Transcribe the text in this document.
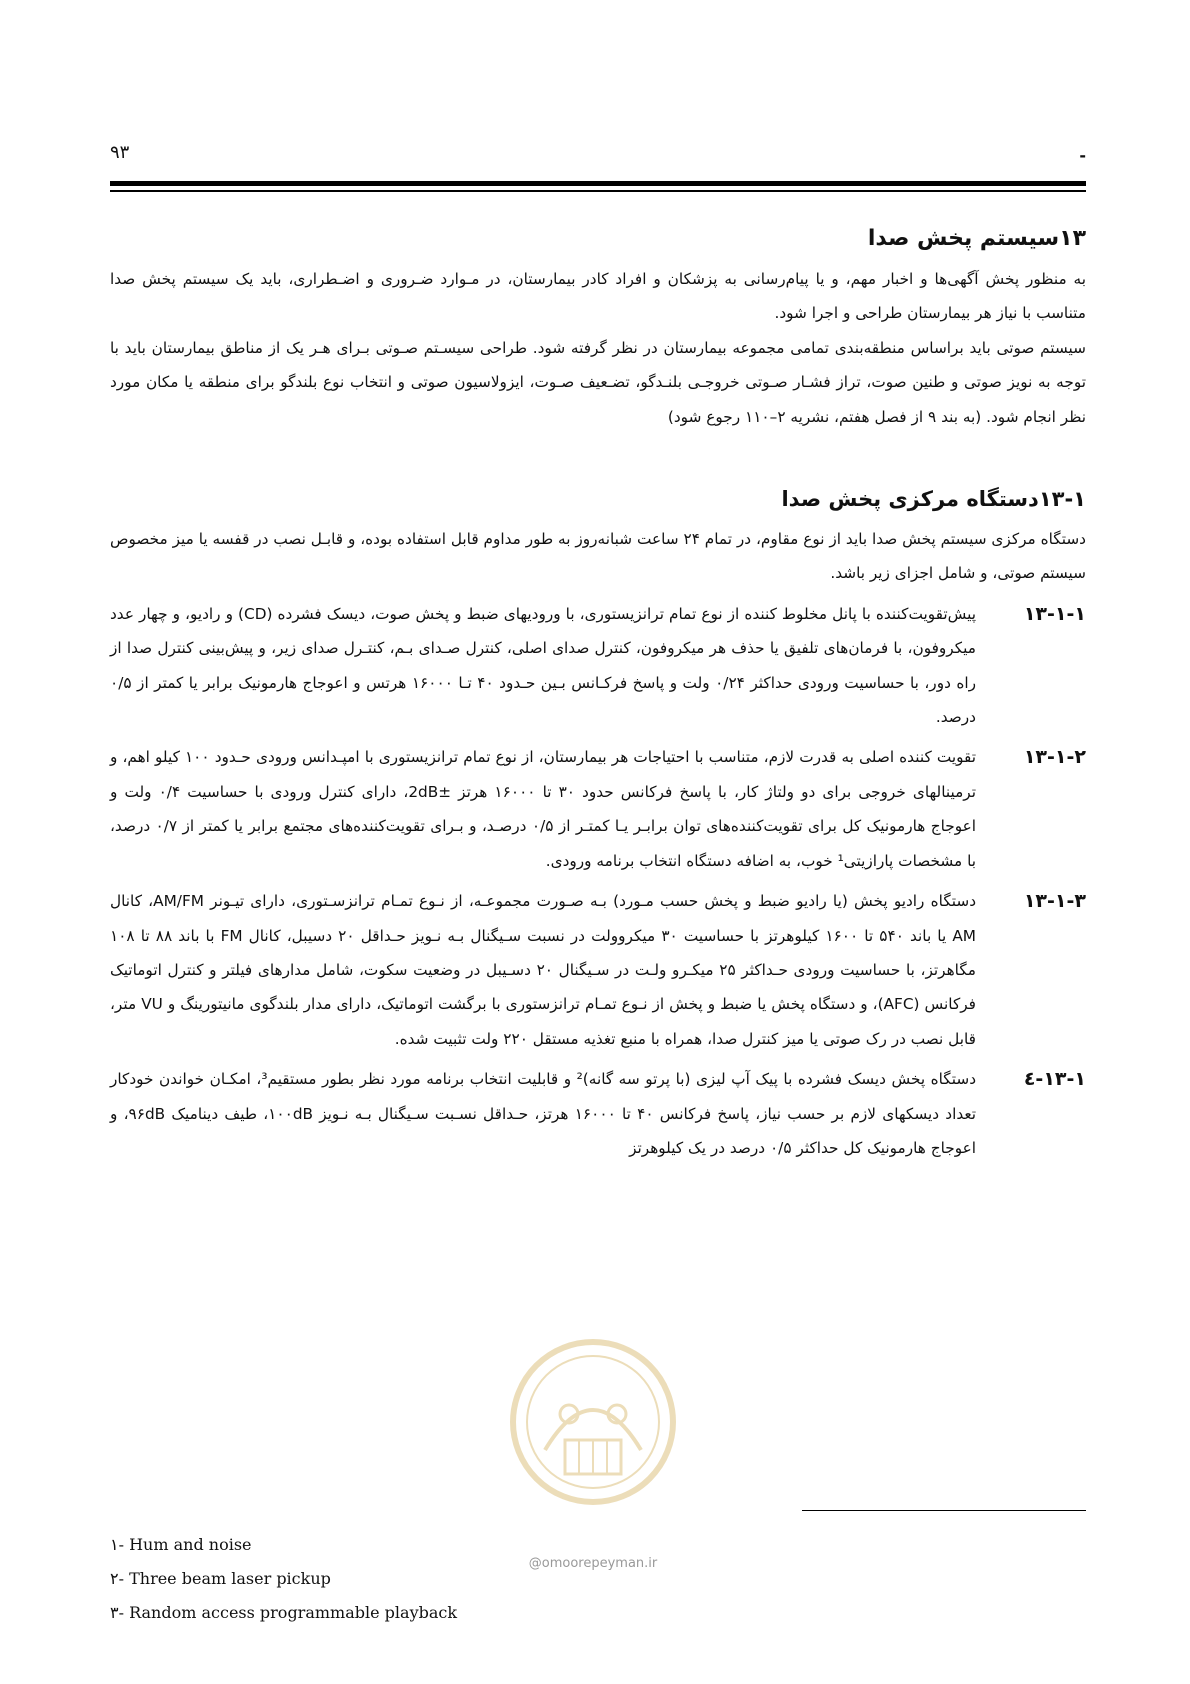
۹۳	-
۱۳سیستم پخش صدا

به منظور پخش آگهی‌ها و اخبار مهم، و یا پیام‌رسانی به پزشکان و افراد کادر بیمارستان، در مـوارد ضـروری و اضـطراری، باید یک سیستم پخش صدا متناسب با نیاز هر بیمارستان طراحی و اجرا شود.

سیستم صوتی باید براساس منطقه‌بندی تمامی مجموعه بیمارستان در نظر گرفته شود. طراحی سیسـتم صـوتی بـرای هـر یک از مناطق بیمارستان باید با توجه به نویز صوتی و طنین صوت، تراز فشـار صـوتی خروجـی بلنـدگو، تضـعیف صـوت، ایزولاسیون صوتی و انتخاب نوع بلندگو برای منطقه یا مکان مورد نظر انجام شود. (به بند ۹ از فصل هفتم، نشریه ۲–۱۱۰ رجوع شود)

۱۳-۱دستگاه مرکزی پخش صدا

دستگاه مرکزی سیستم پخش صدا باید از نوع مقاوم، در تمام ۲۴ ساعت شبانه‌روز به طور مداوم قابل استفاده بوده، و قابـل نصب در قفسه یا میز مخصوص سیستم صوتی، و شامل اجزای زیر باشد.

۱۳-۱-۱
پیش‌تقویت‌کننده با پانل مخلوط کننده از نوع تمام ترانزیستوری، با ورودیهای ضبط و پخش صوت، دیسک فشرده (CD) و رادیو، و چهار عدد میکروفون، با فرمان‌های تلفیق یا حذف هر میکروفون، کنترل صدای اصلی، کنترل صـدای بـم، کنتـرل صدای زیر، و پیش‌بینی کنترل صدا از راه دور، با حساسیت ورودی حداکثر ۰/۲۴ ولت و پاسخ فرکـانس بـین حـدود ۴۰ تـا ۱۶۰۰۰ هرتس و اعوجاج هارمونیک برابر یا کمتر از ۰/۵ درصد.
۱۳-۱-۲
تقویت کننده اصلی به قدرت لازم، متناسب با احتیاجات هر بیمارستان، از نوع تمام ترانزیستوری با امپـدانس ورودی حـدود ۱۰۰ کیلو اهم، و ترمینالهای خروجی برای دو ولتاژ کار، با پاسخ فرکانس حدود ۳۰ تا ۱۶۰۰۰ هرتز ±2dB، دارای کنترل ورودی با حساسیت ۰/۴ ولت و اعوجاج هارمونیک کل برای تقویت‌کننده‌های توان برابـر یـا کمتـر از ۰/۵ درصـد، و بـرای تقویت‌کننده‌های مجتمع برابر یا کمتر از ۰/۷ درصد، با مشخصات پارازیتی¹ خوب، به اضافه دستگاه انتخاب برنامه ورودی.
۱۳-۱-۳
دستگاه رادیو پخش (یا رادیو ضبط و پخش حسب مـورد) بـه صـورت مجموعـه، از نـوع تمـام ترانزسـتوری، دارای تیـونر AM/FM، کانال AM یا باند ۵۴۰ تا ۱۶۰۰ کیلوهرتز با حساسیت ۳۰ میکروولت در نسبت سـیگنال بـه نـویز حـداقل ۲۰ دسیبل، کانال FM با باند ۸۸ تا ۱۰۸ مگاهرتز، با حساسیت ورودی حـداکثر ۲۵ میکـرو ولـت در سـیگنال ۲۰ دسـیبل در وضعیت سکوت، شامل مدارهای فیلتر و کنترل اتوماتیک فرکانس (AFC)، و دستگاه پخش یا ضبط و پخش از نـوع تمـام ترانزستوری با برگشت اتوماتیک، دارای مدار بلندگوی مانیتورینگ و VU متر، قابل نصب در رک صوتی یا میز کنترل صدا، همراه با منبع تغذیه مستقل ۲۲۰ ولت تثبیت شده.
۱۳-۱-٤
دستگاه پخش دیسک فشرده با پیک آپ لیزی (با پرتو سه گانه)² و قابلیت انتخاب برنامه مورد نظر بطور مستقیم³، امکـان خواندن خودکار تعداد دیسکهای لازم بر حسب نیاز، پاسخ فرکانس ۴۰ تا ۱۶۰۰۰ هرتز، حـداقل نسـبت سـیگنال بـه نـویز ۱۰۰dB، طیف دینامیک ۹۶dB، و اعوجاج هارمونیک کل حداکثر ۰/۵ درصد در یک کیلوهرتز
@omoorepeyman.ir
۱- Hum and noise
۲- Three beam laser pickup
۳- Random access programmable playback
